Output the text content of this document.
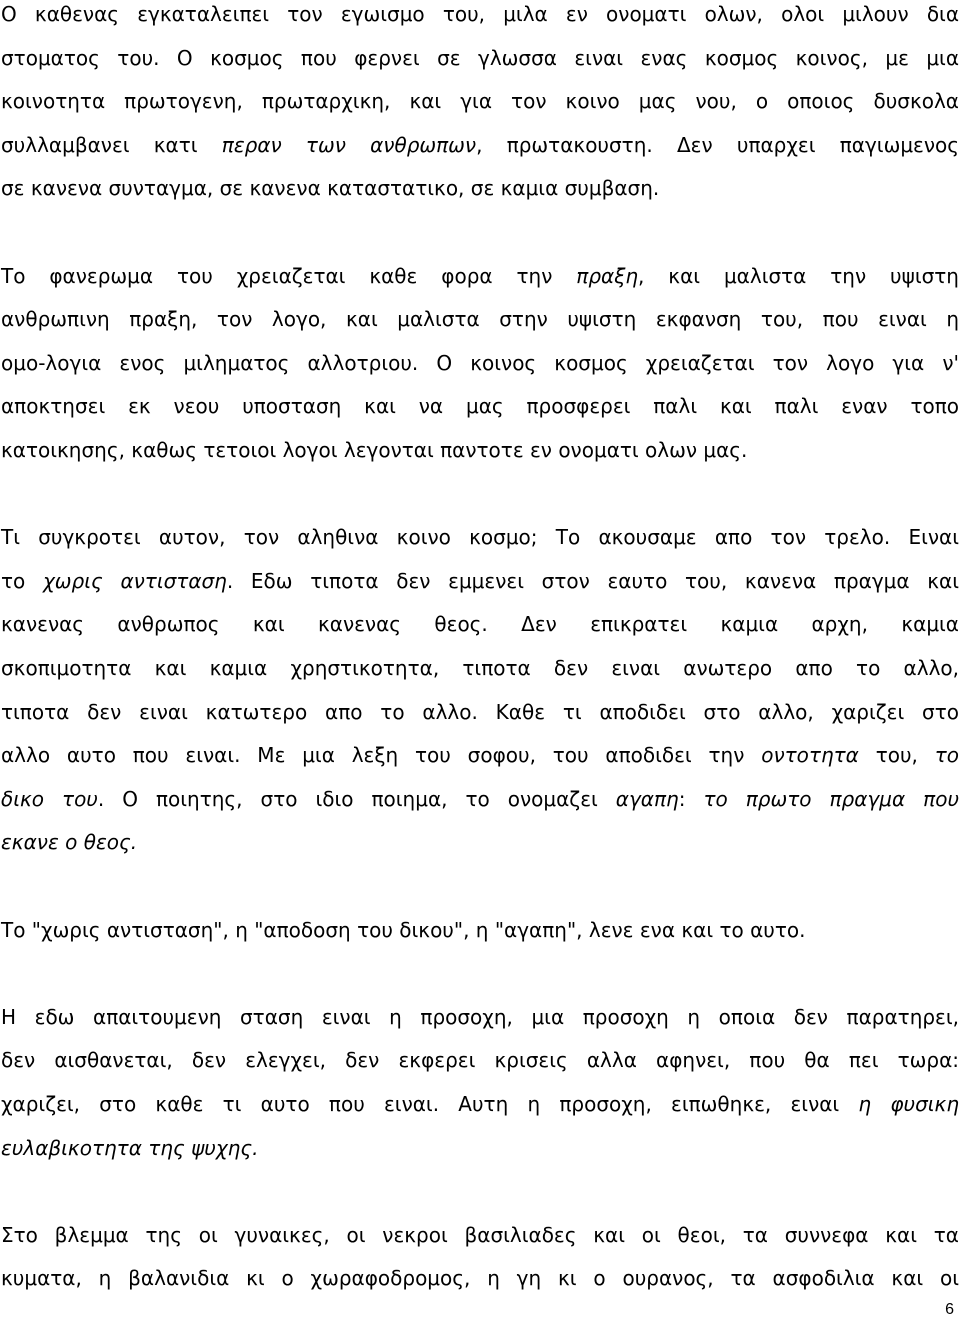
Ο καθενας εγκαταλειπει τον εγωισμο του, μιλα εν ονοματι ολων, ολοι μιλουν δια
στοματος του. Ο κοσμος που φερνει σε γλωσσα ειναι ενας κοσμος κοινος, με μια
κοινοτητα πρωτογενη, πρωταρχικη, και για τον κοινο μας νου, ο οποιος δυσκολα
συλλαμβανει κατι περαν των ανθρωπων, πρωτακουστη. Δεν υπαρχει παγιωμενος
σε κανενα συνταγμα, σε κανενα καταστατικο, σε καμια συμβαση.
Το φανερωμα του χρειαζεται καθε φορα την πραξη, και μαλιστα την υψιστη
ανθρωπινη πραξη, τον λογο, και μαλιστα στην υψιστη εκφανση του, που ειναι η
ομο-λογια ενος μιληματος αλλοτριου. Ο κοινος κοσμος χρειαζεται τον λογο για ν'
αποκτησει εκ νεου υποσταση και να μας προσφερει παλι και παλι εναν τοπο
κατοικησης, καθως τετοιοι λογοι λεγονται παντοτε εν ονοματι ολων μας.
Τι συγκροτει αυτον, τον αληθινα κοινο κοσμο; Το ακουσαμε απο τον τρελο. Ειναι
το χωρις αντισταση. Εδω τιποτα δεν εμμενει στον εαυτο του, κανενα πραγμα και
κανενας ανθρωπος και κανενας θεος. Δεν επικρατει καμια αρχη, καμια
σκοπιμοτητα και καμια χρηστικοτητα, τιποτα δεν ειναι ανωτερο απο το αλλο,
τιποτα δεν ειναι κατωτερο απο το αλλο. Καθε τι αποδιδει στο αλλο, χαριζει στο
αλλο αυτο που ειναι. Με μια λεξη του σοφου, του αποδιδει την οντοτητα του, το
δικο του. Ο ποιητης, στο ιδιο ποιημα, το ονομαζει αγαπη: το πρωτο πραγμα που
εκανε ο θεος.
Το "χωρις αντισταση", η "αποδοση του δικου", η "αγαπη", λενε ενα και το αυτο.
Η εδω απαιτουμενη σταση ειναι η προσοχη, μια προσοχη η οποια δεν παρατηρει,
δεν αισθανεται, δεν ελεγχει, δεν εκφερει κρισεις αλλα αφηνει, που θα πει τωρα:
χαριζει, στο καθε τι αυτο που ειναι. Αυτη η προσοχη, ειπωθηκε, ειναι η φυσικη
ευλαβικοτητα της ψυχης.
Στο βλεμμα της οι γυναικες, οι νεκροι βασιλιαδες και οι θεοι, τα συννεφα και τα
κυματα, η βαλανιδια κι ο χωραφοδρομος, η γη κι ο ουρανος, τα ασφοδιλια και οι
6
